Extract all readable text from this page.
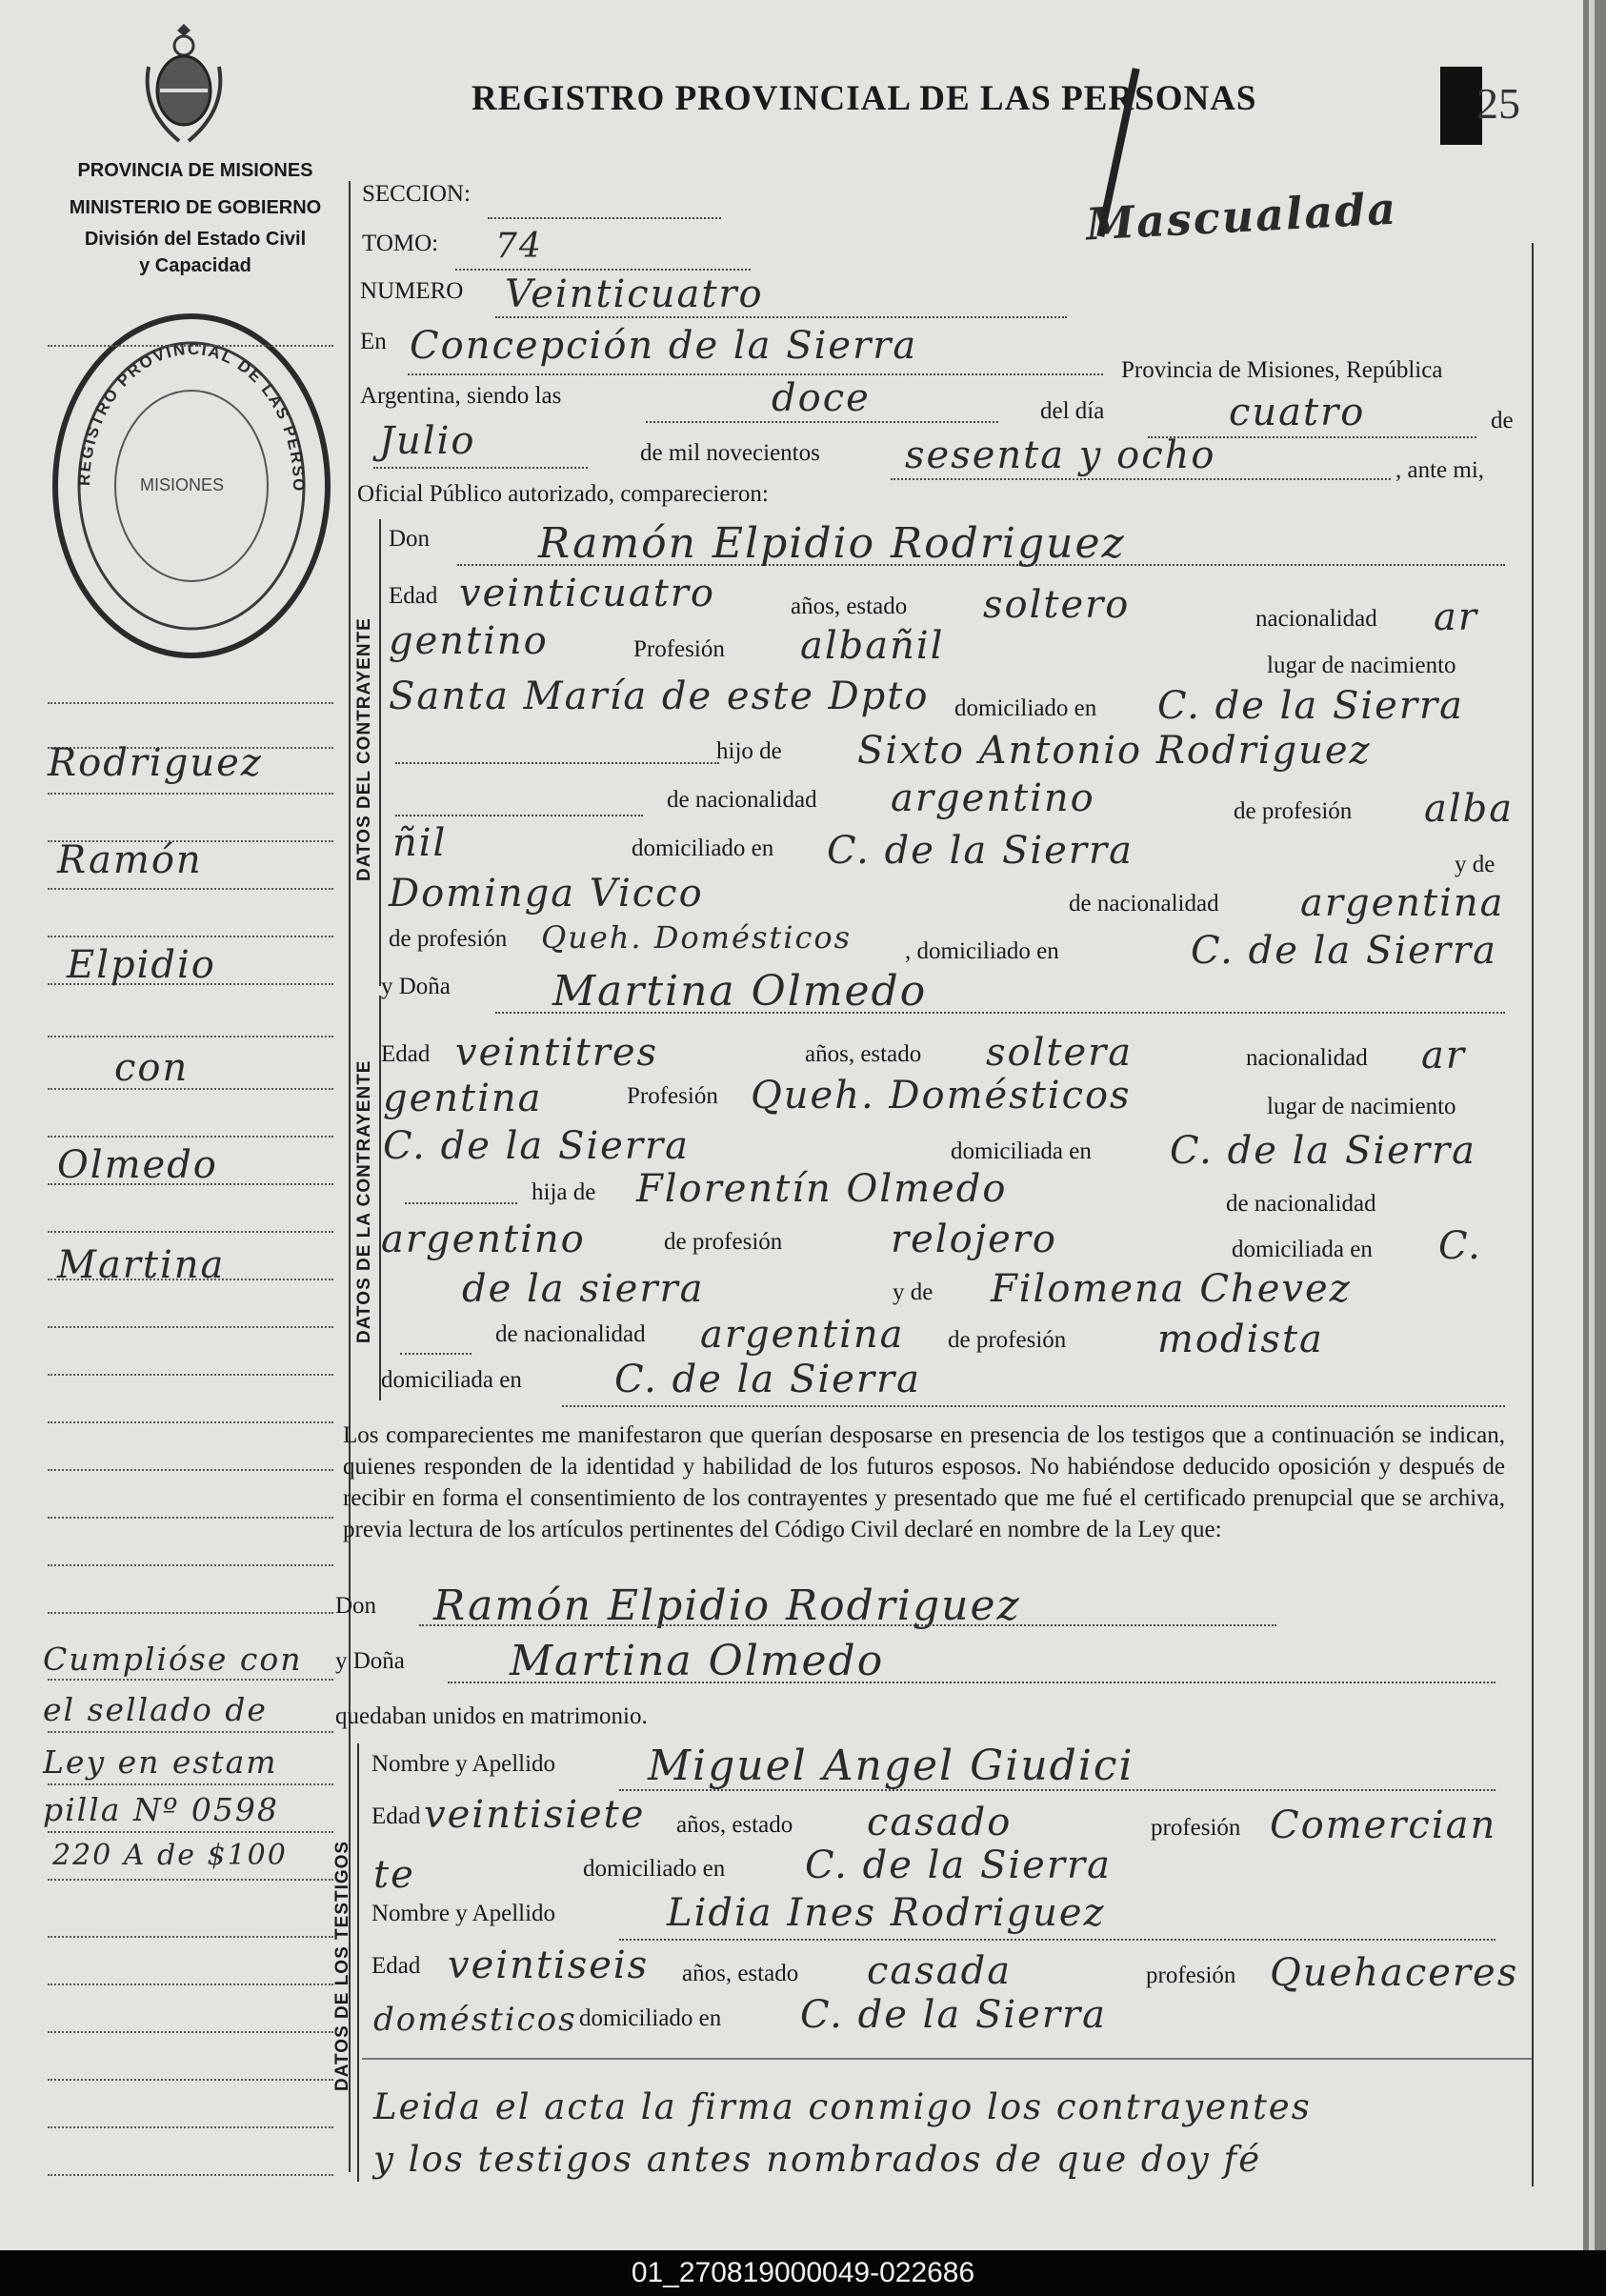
REGISTRO PROVINCIAL DE LAS PERSONAS	25
PROVINCIA DE MISIONES
MINISTERIO DE GOBIERNO
División del Estado Civil
y Capacidad
REGISTRO PROVINCIAL DE LAS PERSO
MISIONES
Mascualada
DATOS DEL CONTRAYENTE
DATOS DE LA CONTRAYENTE
DATOS DE LOS TESTIGOS
Rodriguez
Ramón
Elpidio
con
Olmedo
Martina
Cumplióse con
el sellado de
Ley en estam
pilla Nº 0598
220 A de $100
SECCION:
TOMO: 74
NUMERO Veinticuatro
En Concepción de la Sierra
Provincia de Misiones, República
Argentina, siendo las	doce	del día	cuatro	de
Julio	de mil novecientos sesenta y ocho	, ante mi,
Oficial Público autorizado, comparecieron:
Don	Ramón Elpidio Rodriguez
Edad veinticuatro	años, estado soltero	nacionalidad ar
gentino	Profesión albañil	lugar de nacimiento
Santa María de este Dpto domiciliado en C. de la Sierra
hijo de Sixto Antonio Rodriguez
de nacionalidad argentino	de profesión alba
ñil	domiciliado en C. de la Sierra	y de
Dominga Vicco	de nacionalidad argentina
de profesión Queh. Domésticos , domiciliado en	C. de la Sierra
y Doña Martina Olmedo
Edad veintitres	años, estado soltera	nacionalidad ar
gentina	Profesión Queh. Domésticos	lugar de nacimiento
C. de la Sierra	domiciliada en C. de la Sierra
hija de Florentín Olmedo	de nacionalidad
argentino	de profesión	relojero	domiciliada en C.
de la sierra	y de Filomena Chevez
de nacionalidad argentina de profesión modista
domiciliada en C. de la Sierra
Los comparecientes me manifestaron que querían desposarse en presencia de los testigos que a continuación se indican, quienes responden de la identidad y habilidad de los futuros esposos. No habiéndose deducido oposición y después de recibir en forma el consentimiento de los contrayentes y presentado que me fué el certificado prenupcial que se archiva, previa lectura de los artículos pertinentes del Código Civil declaré en nombre de la Ley que:
Don Ramón Elpidio Rodriguez
y Doña	Martina Olmedo
quedaban unidos en matrimonio.
Nombre y Apellido Miguel Angel Giudici
Edad veintisiete años, estado casado	profesión Comercian
te	domiciliado en C. de la Sierra
Nombre y Apellido	Lidia Ines Rodriguez
Edad veintiseis años, estado casada	profesión Quehaceres
domésticos domiciliado en C. de la Sierra
Leida el acta la firma conmigo los contrayentes
y los testigos antes nombrados de que doy fé
01_270819000049-022686
